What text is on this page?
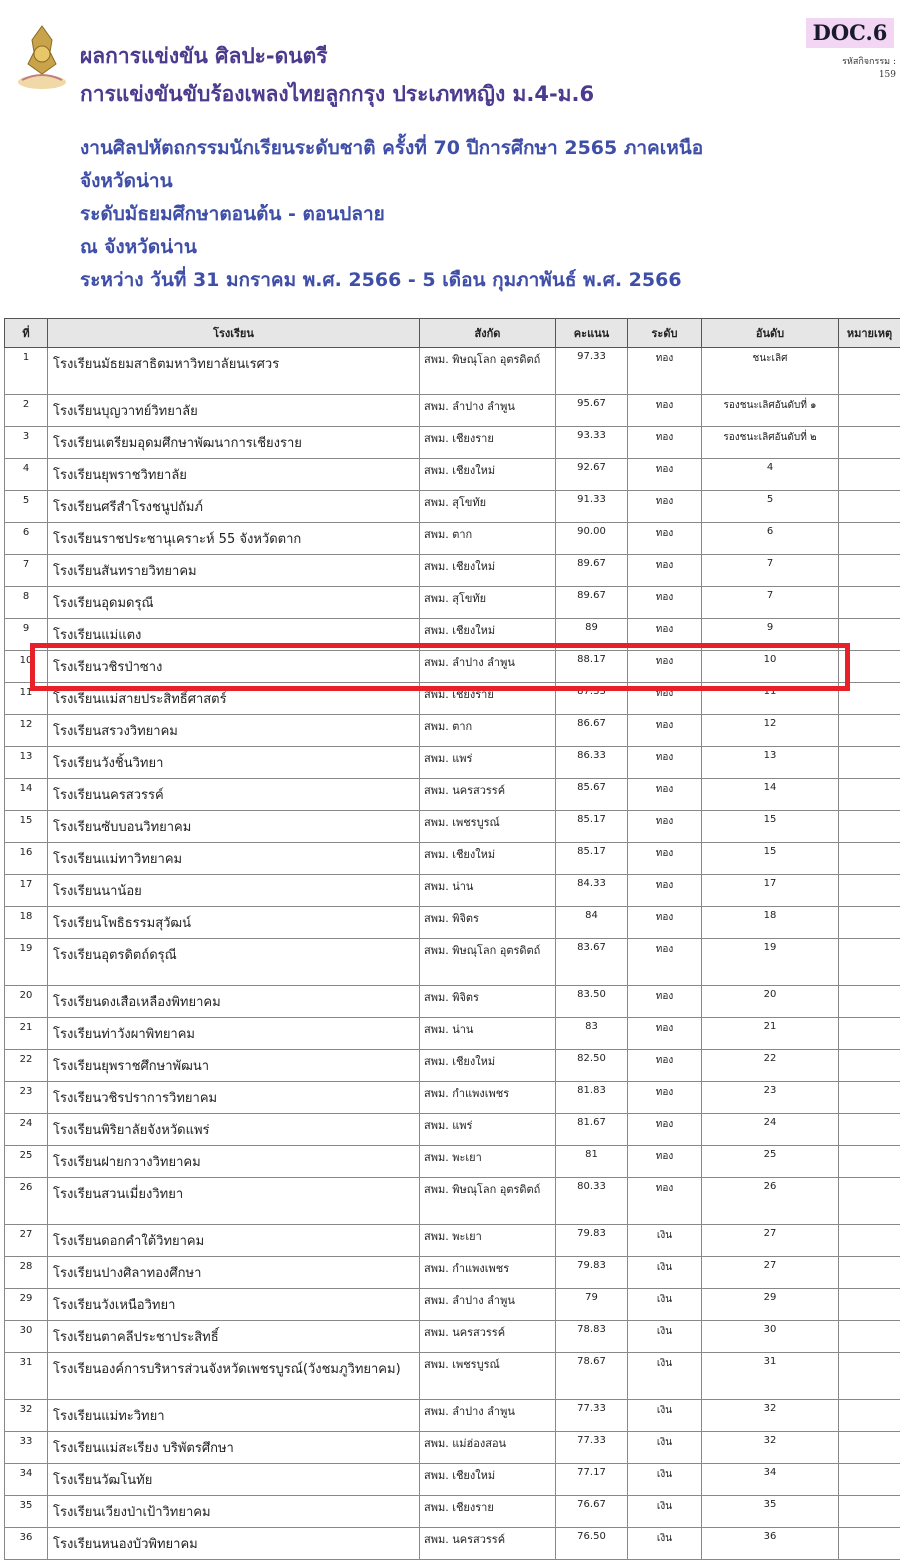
DOC.6
รหัสกิจกรรม :
159
ผลการแข่งขัน ศิลปะ-ดนตรี
การแข่งขันขับร้องเพลงไทยลูกกรุง ประเภทหญิง ม.4-ม.6
งานศิลปหัตถกรรมนักเรียนระดับชาติ ครั้งที่ 70 ปีการศึกษา 2565 ภาคเหนือ
จังหวัดน่าน
ระดับมัธยมศึกษาตอนต้น - ตอนปลาย
ณ จังหวัดน่าน
ระหว่าง วันที่ 31 มกราคม พ.ศ. 2566 - 5 เดือน กุมภาพันธ์ พ.ศ. 2566
ที่	โรงเรียน	สังกัด	คะแนน	ระดับ	อันดับ	หมายเหตุ
1	โรงเรียนมัธยมสาธิตมหาวิทยาลัยนเรศวร	สพม. พิษณุโลก อุตรดิตถ์	97.33	ทอง	ชนะเลิศ	
2	โรงเรียนบุญวาทย์วิทยาลัย	สพม. ลำปาง ลำพูน	95.67	ทอง	รองชนะเลิศอันดับที่ ๑	
3	โรงเรียนเตรียมอุดมศึกษาพัฒนาการเชียงราย	สพม. เชียงราย	93.33	ทอง	รองชนะเลิศอันดับที่ ๒	
4	โรงเรียนยุพราชวิทยาลัย	สพม. เชียงใหม่	92.67	ทอง	4	
5	โรงเรียนศรีสำโรงชนูปถัมภ์	สพม. สุโขทัย	91.33	ทอง	5	
6	โรงเรียนราชประชานุเคราะห์ 55 จังหวัดตาก	สพม. ตาก	90.00	ทอง	6	
7	โรงเรียนสันทรายวิทยาคม	สพม. เชียงใหม่	89.67	ทอง	7	
8	โรงเรียนอุดมดรุณี	สพม. สุโขทัย	89.67	ทอง	7	
9	โรงเรียนแม่แตง	สพม. เชียงใหม่	89	ทอง	9	
10	โรงเรียนวชิรป่าซาง	สพม. ลำปาง ลำพูน	88.17	ทอง	10	
11	โรงเรียนแม่สายประสิทธิ์ศาสตร์	สพม. เชียงราย	87.33	ทอง	11	
12	โรงเรียนสรวงวิทยาคม	สพม. ตาก	86.67	ทอง	12	
13	โรงเรียนวังชิ้นวิทยา	สพม. แพร่	86.33	ทอง	13	
14	โรงเรียนนครสวรรค์	สพม. นครสวรรค์	85.67	ทอง	14	
15	โรงเรียนซับบอนวิทยาคม	สพม. เพชรบูรณ์	85.17	ทอง	15	
16	โรงเรียนแม่ทาวิทยาคม	สพม. เชียงใหม่	85.17	ทอง	15	
17	โรงเรียนนาน้อย	สพม. น่าน	84.33	ทอง	17	
18	โรงเรียนโพธิธรรมสุวัฒน์	สพม. พิจิตร	84	ทอง	18	
19	โรงเรียนอุตรดิตถ์ดรุณี	สพม. พิษณุโลก อุตรดิตถ์	83.67	ทอง	19	
20	โรงเรียนดงเสือเหลืองพิทยาคม	สพม. พิจิตร	83.50	ทอง	20	
21	โรงเรียนท่าวังผาพิทยาคม	สพม. น่าน	83	ทอง	21	
22	โรงเรียนยุพราชศึกษาพัฒนา	สพม. เชียงใหม่	82.50	ทอง	22	
23	โรงเรียนวชิรปราการวิทยาคม	สพม. กำแพงเพชร	81.83	ทอง	23	
24	โรงเรียนพิริยาลัยจังหวัดแพร่	สพม. แพร่	81.67	ทอง	24	
25	โรงเรียนฝายกวางวิทยาคม	สพม. พะเยา	81	ทอง	25	
26	โรงเรียนสวนเมี่ยงวิทยา	สพม. พิษณุโลก อุตรดิตถ์	80.33	ทอง	26	
27	โรงเรียนดอกคำใต้วิทยาคม	สพม. พะเยา	79.83	เงิน	27	
28	โรงเรียนปางศิลาทองศึกษา	สพม. กำแพงเพชร	79.83	เงิน	27	
29	โรงเรียนวังเหนือวิทยา	สพม. ลำปาง ลำพูน	79	เงิน	29	
30	โรงเรียนตาคลีประชาประสิทธิ์	สพม. นครสวรรค์	78.83	เงิน	30	
31	โรงเรียนองค์การบริหารส่วนจังหวัดเพชรบูรณ์(วังชมภูวิทยาคม)	สพม. เพชรบูรณ์	78.67	เงิน	31	
32	โรงเรียนแม่ทะวิทยา	สพม. ลำปาง ลำพูน	77.33	เงิน	32	
33	โรงเรียนแม่สะเรียง บริพัตรศึกษา	สพม. แม่ฮ่องสอน	77.33	เงิน	32	
34	โรงเรียนวัฒโนทัย	สพม. เชียงใหม่	77.17	เงิน	34	
35	โรงเรียนเวียงป่าเป้าวิทยาคม	สพม. เชียงราย	76.67	เงิน	35	
36	โรงเรียนหนองบัวพิทยาคม	สพม. นครสวรรค์	76.50	เงิน	36	
